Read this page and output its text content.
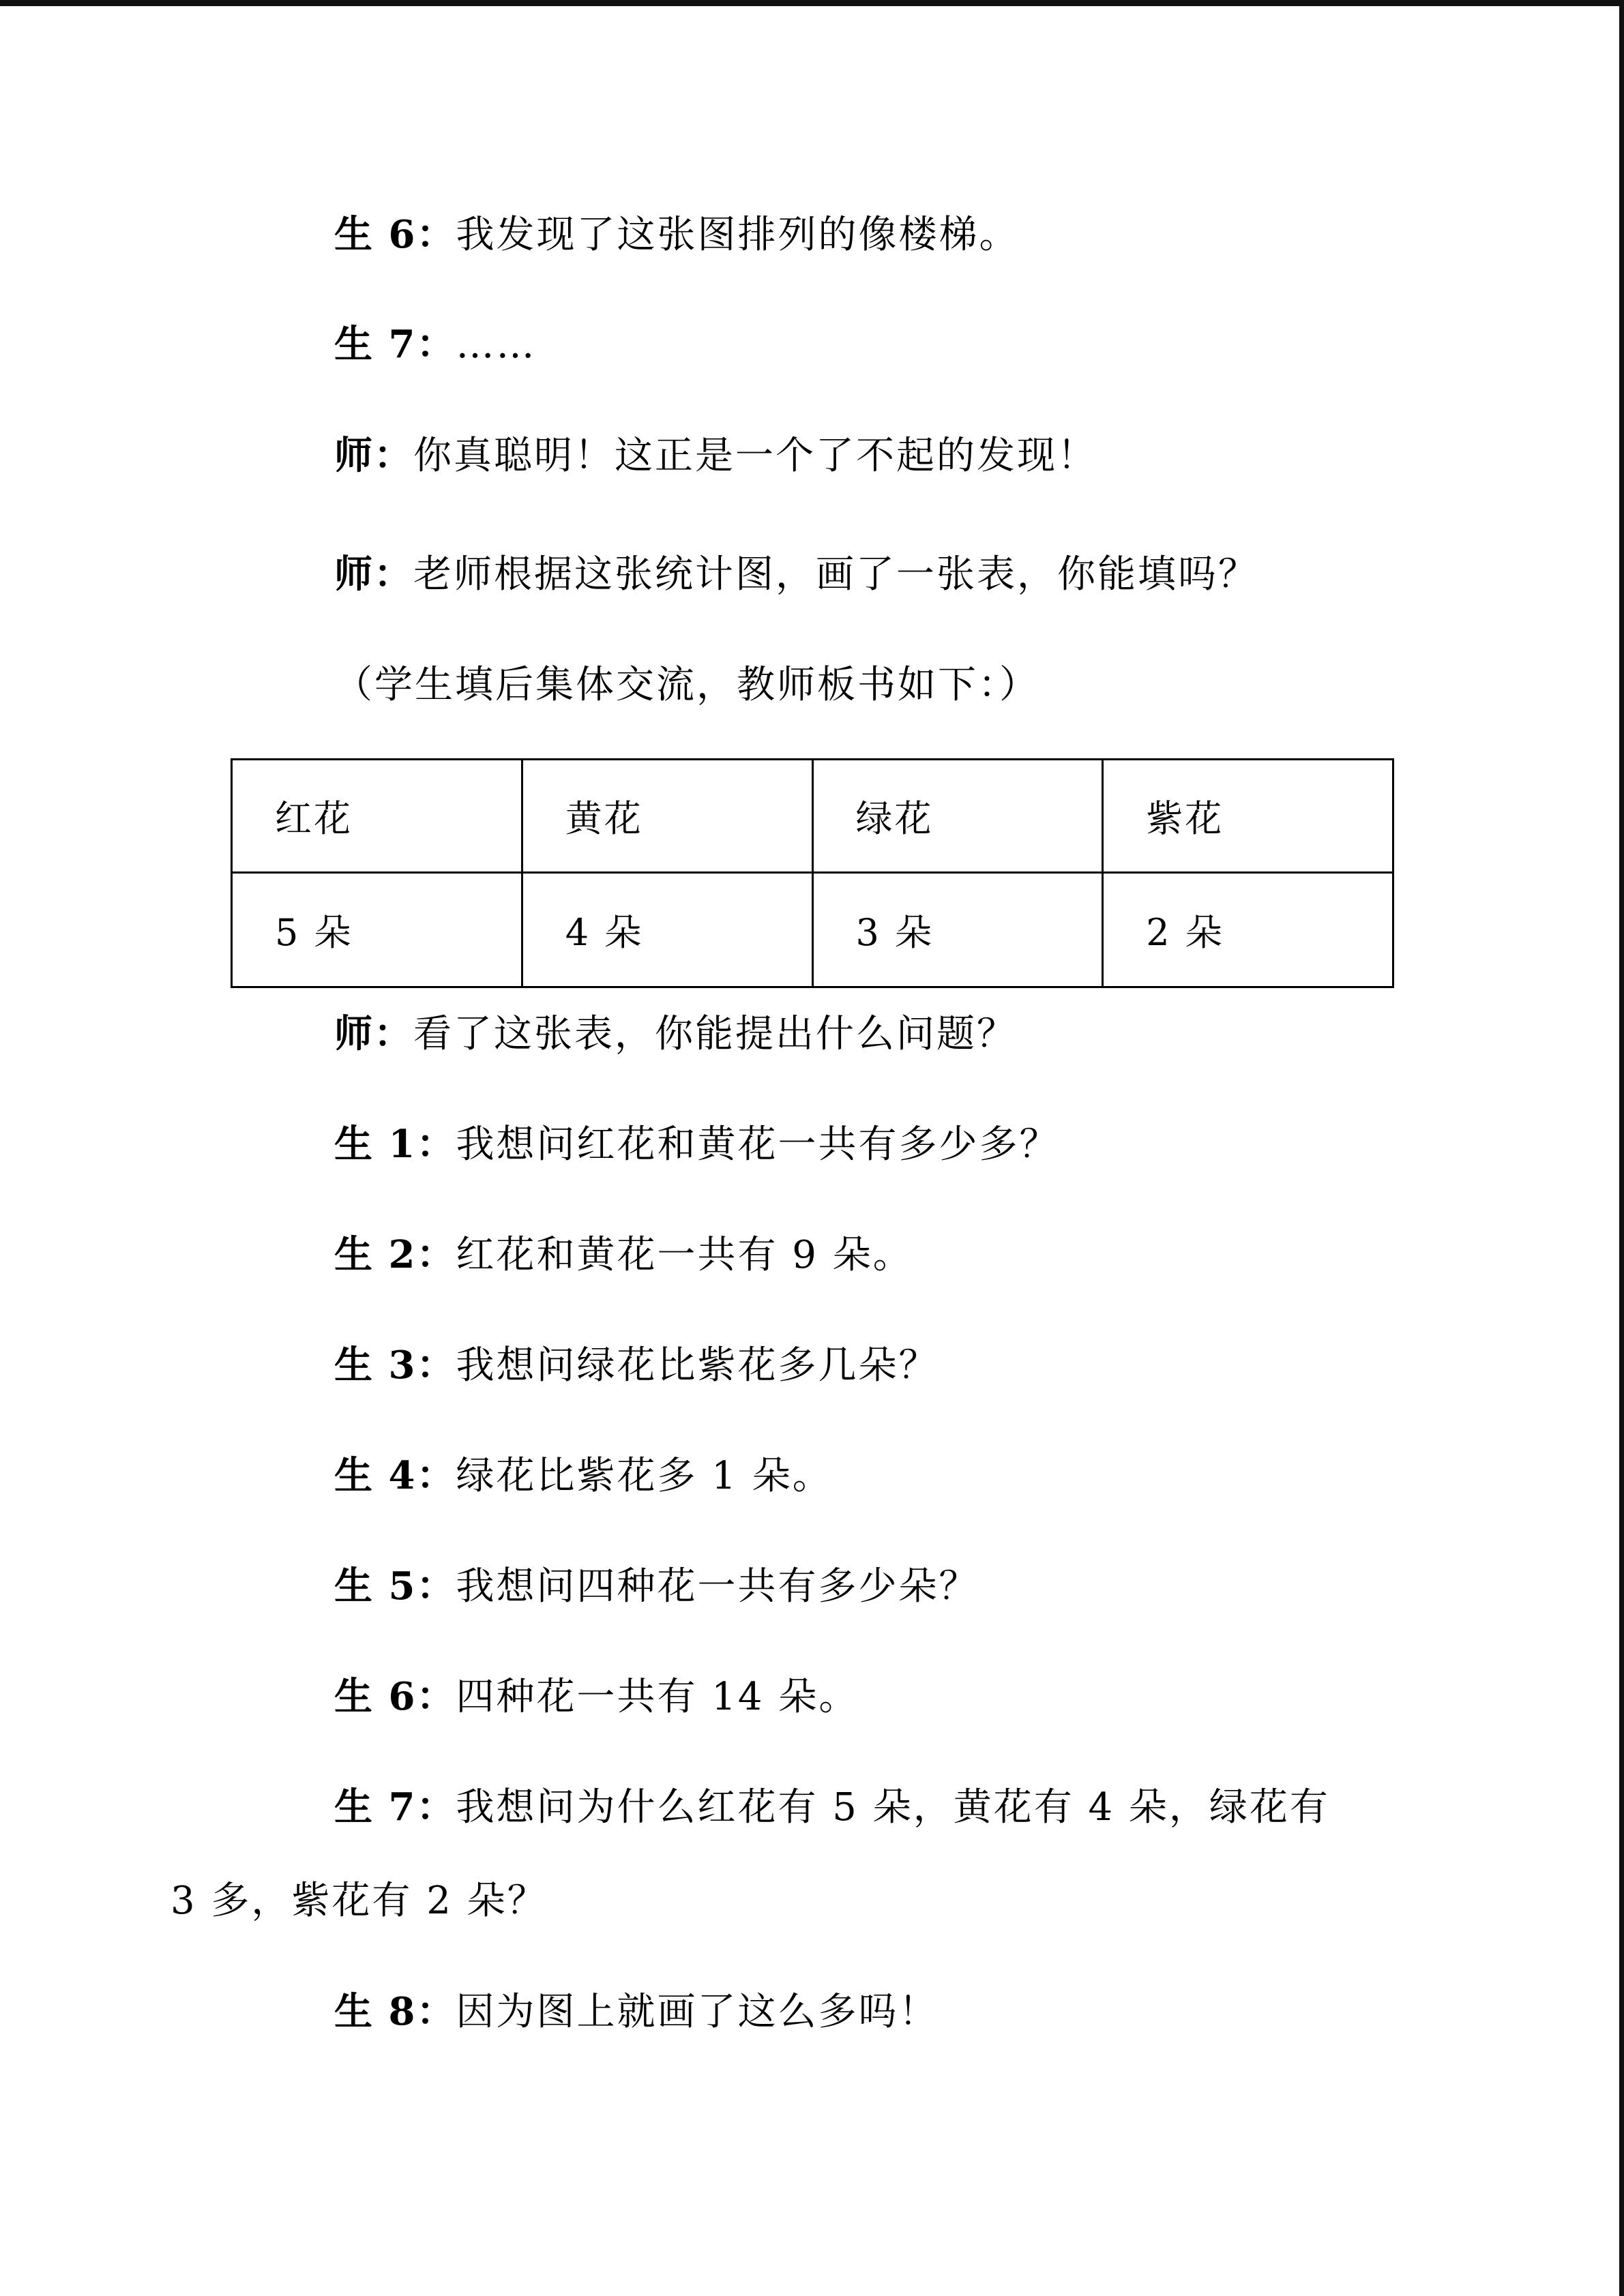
生 6：我发现了这张图排列的像楼梯。
生 7：……
师：你真聪明！这正是一个了不起的发现！
师：老师根据这张统计图，画了一张表，你能填吗？
（学生填后集体交流，教师板书如下：）
红花	黄花	绿花	紫花
5 朵	4 朵	3 朵	2 朵
师：看了这张表，你能提出什么问题？
生 1：我想问红花和黄花一共有多少多？
生 2：红花和黄花一共有 9 朵。
生 3：我想问绿花比紫花多几朵？
生 4：绿花比紫花多 1 朵。
生 5：我想问四种花一共有多少朵？
生 6：四种花一共有 14 朵。
生 7：我想问为什么红花有 5 朵，黄花有 4 朵，绿花有
3 多，紫花有 2 朵？
生 8：因为图上就画了这么多吗！
